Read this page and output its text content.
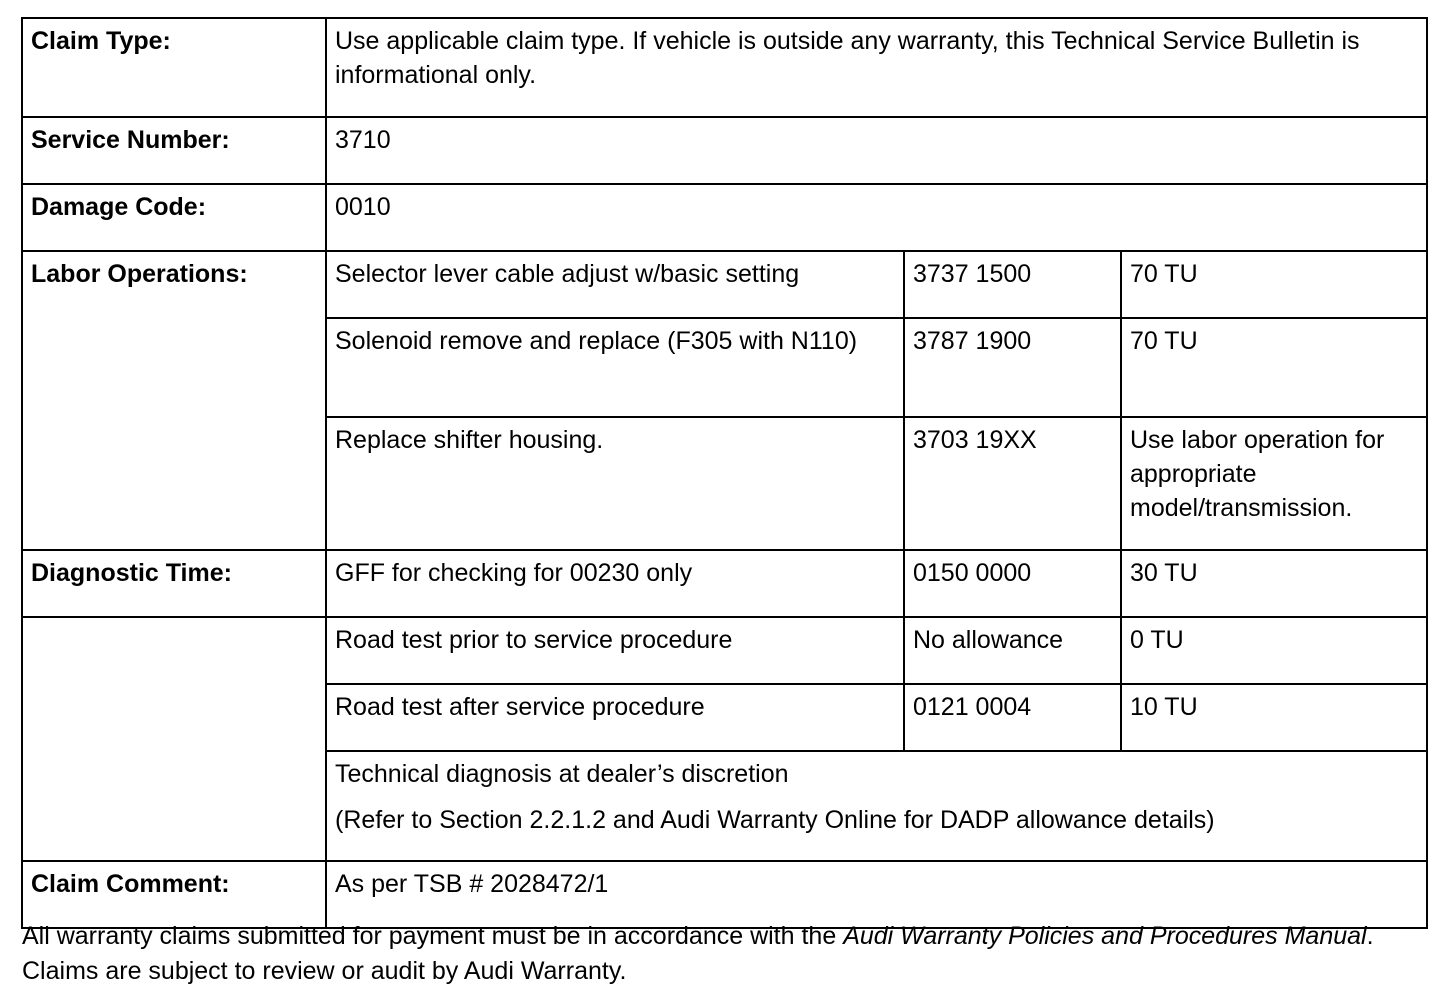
Claim Type:	Use applicable claim type. If vehicle is outside any warranty, this Technical Service Bulletin is informational only.		
Service Number:	3710		
Damage Code:	0010		
Labor Operations:	Selector lever cable adjust w/basic setting	3737 1500	70 TU
	Solenoid remove and replace (F305 with N110)	3787 1900	70 TU
	Replace shifter housing.	3703 19XX	Use labor operation for appropriate model/transmission.
Diagnostic Time:	GFF for checking for 00230 only	0150 0000	30 TU
	Road test prior to service procedure	No allowance	0 TU
	Road test after service procedure	0121 0004	10 TU

	Technical diagnosis at dealer’s discretion
(Refer to Section 2.2.1.2 and Audi Warranty Online for DADP allowance details)		

Claim Comment:	As per TSB # 2028472/1		

All warranty claims submitted for payment must be in accordance with the Audi Warranty Policies and Procedures Manual. Claims are subject to review or audit by Audi Warranty.
